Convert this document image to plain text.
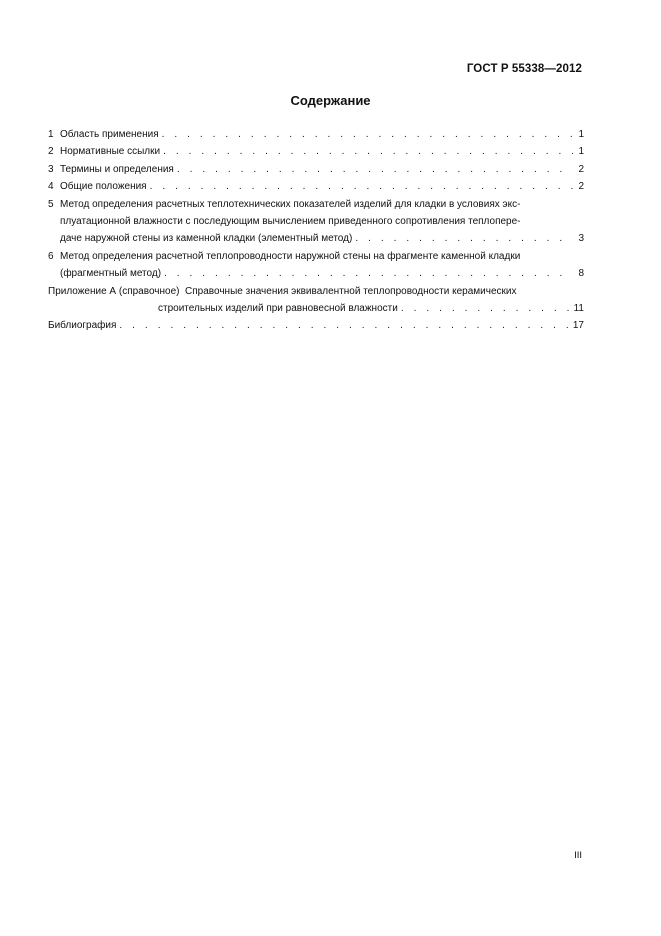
ГОСТ Р 55338—2012
Содержание
1 Область применения . . .	1
2 Нормативные ссылки . . .	1
3 Термины и определения . . .	2
4 Общие положения . . .	2
5 Метод определения расчетных теплотехнических показателей изделий для кладки в условиях экс-
плуатационной влажности с последующим вычислением приведенного сопротивления теплопере-
даче наружной стены из каменной кладки (элементный метод) . . .	3
6 Метод определения расчетной теплопроводности наружной стены на фрагменте каменной кладки
(фрагментный метод) . . .	8
Приложение А (справочное) Справочные значения эквивалентной теплопроводности керамических
строительных изделий при равновесной влажности . . .	11
Библиография . . .	17
III
